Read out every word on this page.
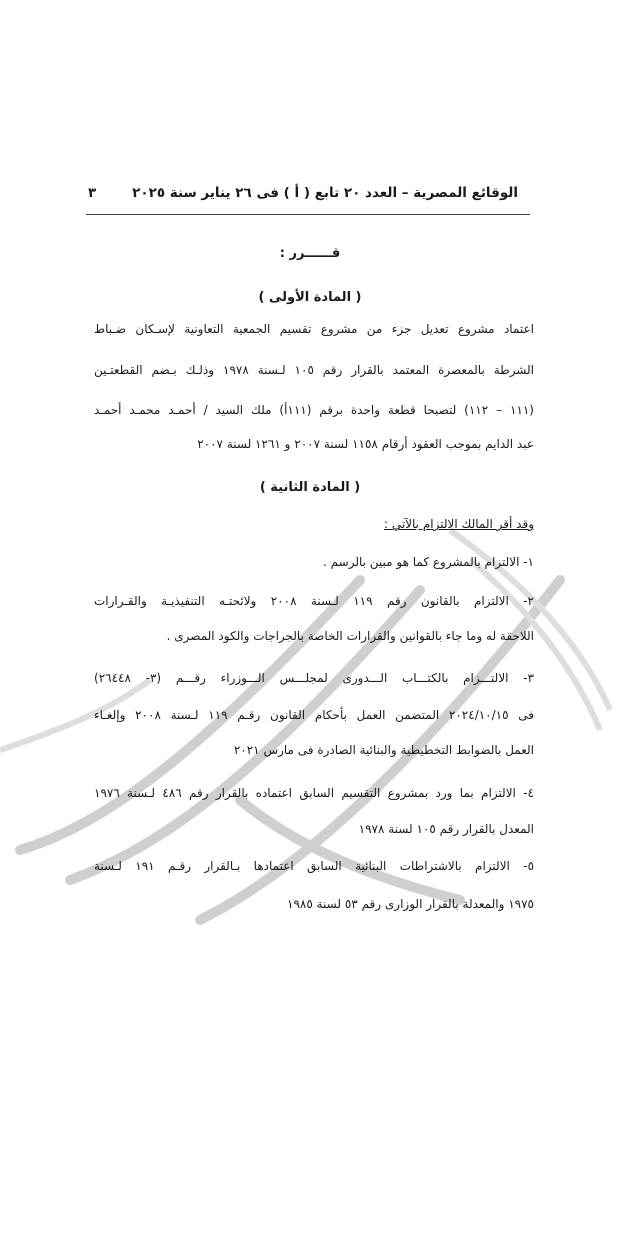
٣	الوقائع المصرية – العدد ٢٠ تابع ( أ ) فى ٢٦ يناير سنة ٢٠٢٥
قــــــرر :
( المادة الأولى )
اعتماد مشروع تعديل جزء من مشروع تقسيم الجمعية التعاونية لإسـكان ضـباط
الشرطة بالمعصرة المعتمد بالقرار رقم ١٠٥ لـسنة ١٩٧٨ وذلـك بـضم القطعتـين
(١١١ – ١١٢) لتصبحا قطعة واحدة برقم (١١١أ) ملك السيد / أحمـد محمـد أحمـد
عبد الدايم بموجب العقود أرقام ١١٥٨ لسنة ٢٠٠٧ و ١٢٦١ لسنة ٢٠٠٧
( المادة الثانية )
وقد أقر المالك الالتزام بالآتي :
١- الالتزام بالمشروع كما هو مبين بالرسم .
٢- الالتزام بالقانون رقم ١١٩ لـسنة ٢٠٠٨ ولائحتـه التنفيذيـة والقـرارات
اللاحقة له وما جاء بالقوانين والقرارات الخاصة بالجراجات والكود المصرى .
٣- الالتـــزام بالكتـــاب الـــدورى لمجلـــس الـــوزراء رقـــم (٣- ٢٦٤٤٨)
فى ٢٠٢٤/١٠/١٥ المتضمن العمل بأحكام القانون رقـم ١١٩ لـسنة ٢٠٠٨ وإلغـاء
العمل بالضوابط التخطيطية والبنائية الصادرة فى مارس ٢٠٢١
٤- الالتزام بما ورد بمشروع التقسيم السابق اعتماده بالقرار رقم ٤٨٦ لـسنة ١٩٧٦
المعدل بالقرار رقم ١٠٥ لسنة ١٩٧٨
٥- الالتزام بالاشتراطات البنائية السابق اعتمادها بـالقرار رقـم ١٩١ لـسنة
١٩٧٥ والمعدلة بالقرار الوزارى رقم ٥٣ لسنة ١٩٨٥
